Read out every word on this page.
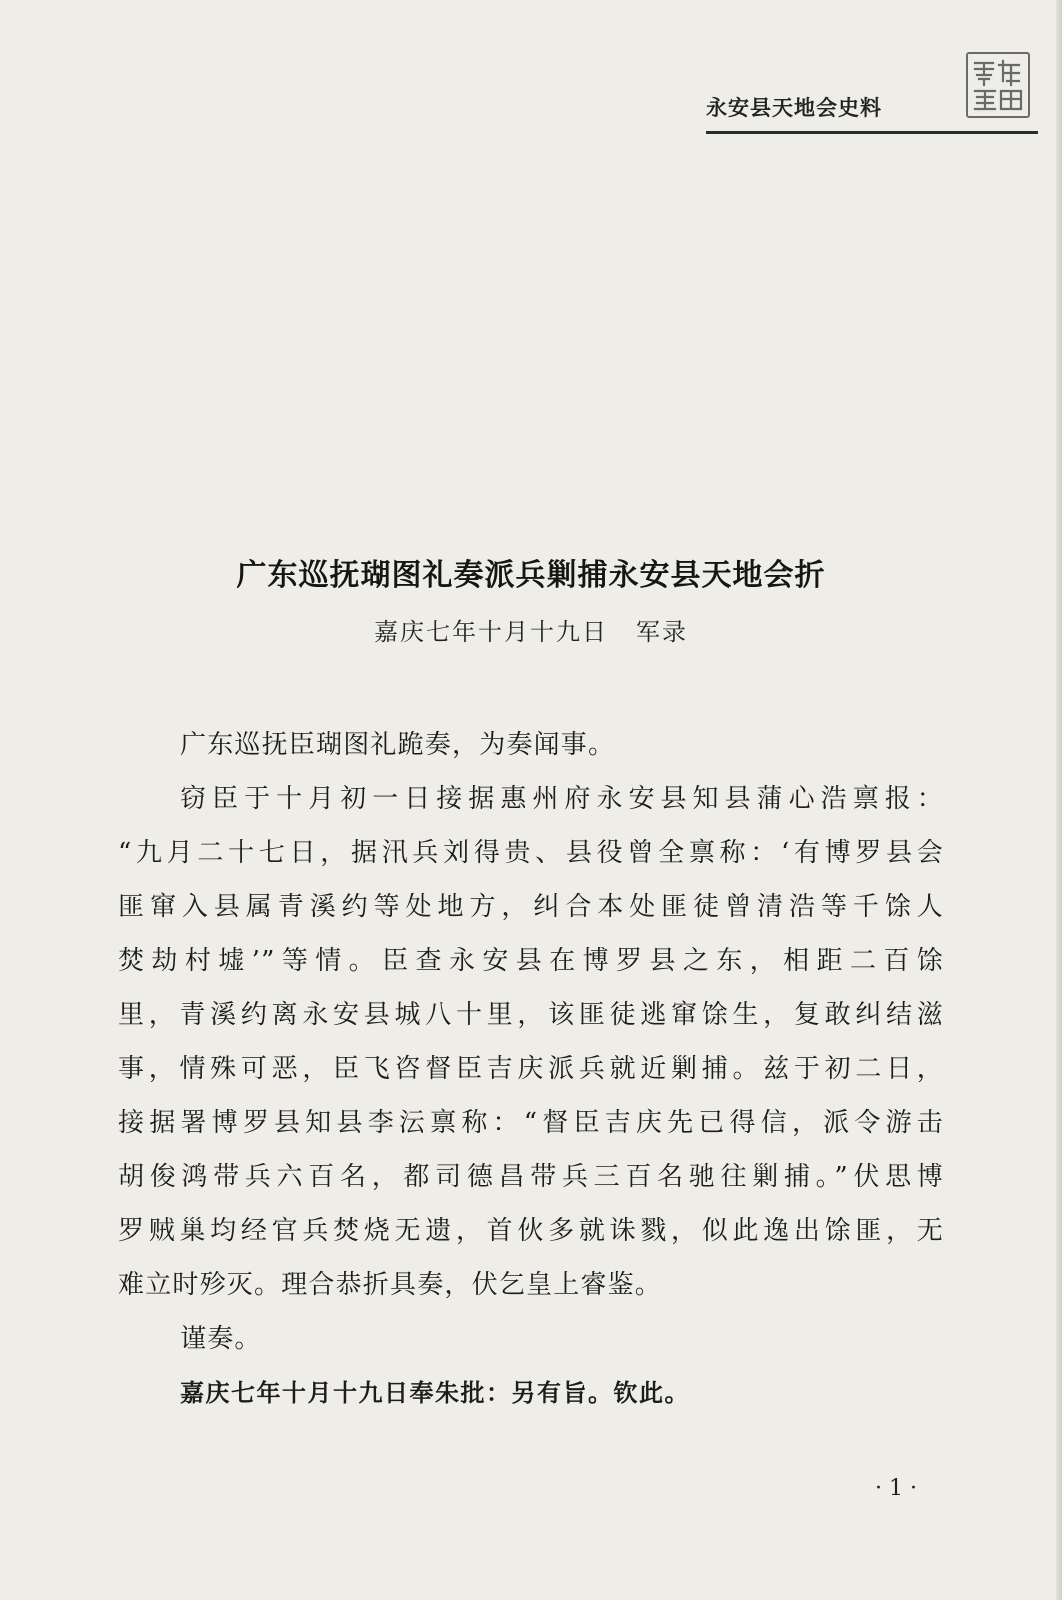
永安县天地会史料
广东巡抚瑚图礼奏派兵剿捕永安县天地会折
嘉庆七年十月十九日 军录
广东巡抚臣瑚图礼跪奏，为奏闻事。
窃臣于十月初一日接据惠州府永安县知县蒲心浩禀报：
“九月二十七日，据汛兵刘得贵、县役曾全禀称：‘有博罗县会
匪窜入县属青溪约等处地方，纠合本处匪徒曾清浩等千馀人
焚劫村墟’”等情。臣查永安县在博罗县之东，相距二百馀
里，青溪约离永安县城八十里，该匪徒逃窜馀生，复敢纠结滋
事，情殊可恶，臣飞咨督臣吉庆派兵就近剿捕。兹于初二日，
接据署博罗县知县李沄禀称：“督臣吉庆先已得信，派令游击
胡俊鸿带兵六百名，都司德昌带兵三百名驰往剿捕。”伏思博
罗贼巢均经官兵焚烧无遗，首伙多就诛戮，似此逸出馀匪，无
难立时殄灭。理合恭折具奏，伏乞皇上睿鉴。
谨奏。
嘉庆七年十月十九日奉朱批：另有旨。钦此。
· 1 ·
